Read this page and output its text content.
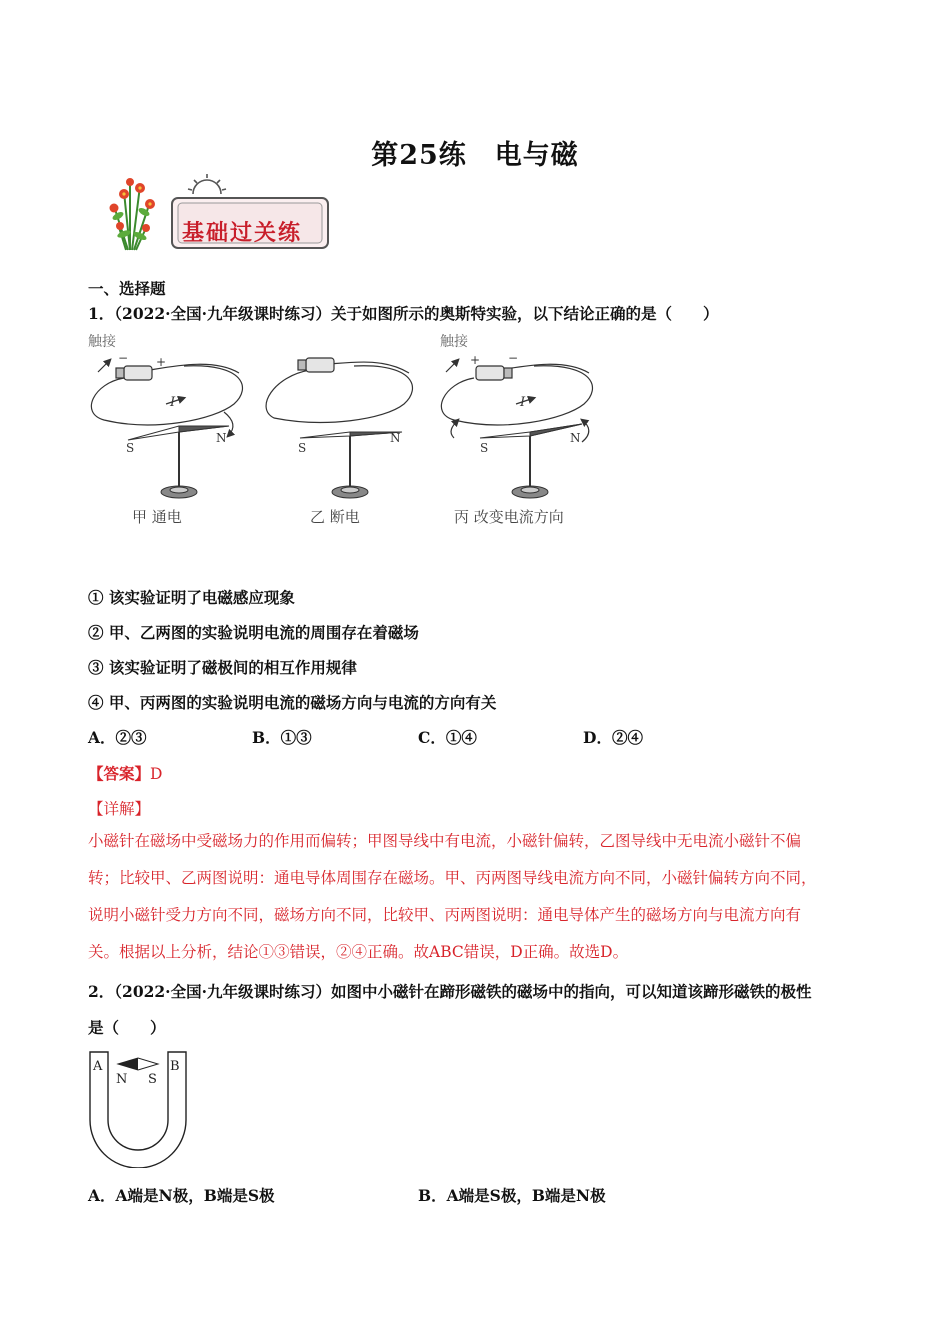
第25练　电与磁
基础过关练
一、选择题
1．（2022·全国·九年级课时练习）关于如图所示的奥斯特实验，以下结论正确的是（　　）
− +
I
+ −
I
触接	触接
S
N
S
N
S
N
甲 通电	乙 断电	丙 改变电流方向
① 该实验证明了电磁感应现象
② 甲、乙两图的实验说明电流的周围存在着磁场
③ 该实验证明了磁极间的相互作用规律
④ 甲、丙两图的实验说明电流的磁场方向与电流的方向有关
A．②③	B．①③	C．①④	D．②④
【答案】D
【详解】
小磁针在磁场中受磁场力的作用而偏转；甲图导线中有电流，小磁针偏转，乙图导线中无电流小磁针不偏
转；比较甲、乙两图说明：通电导体周围存在磁场。甲、丙两图导线电流方向不同，小磁针偏转方向不同，
说明小磁针受力方向不同，磁场方向不同，比较甲、丙两图说明：通电导体产生的磁场方向与电流方向有
关。根据以上分析，结论①③错误，②④正确。故ABC错误，D正确。故选D。
2．（2022·全国·九年级课时练习）如图中小磁针在蹄形磁铁的磁场中的指向，可以知道该蹄形磁铁的极性
是（　　）
A	B
N S
A．A端是N极，B端是S极	B．A端是S极，B端是N极
